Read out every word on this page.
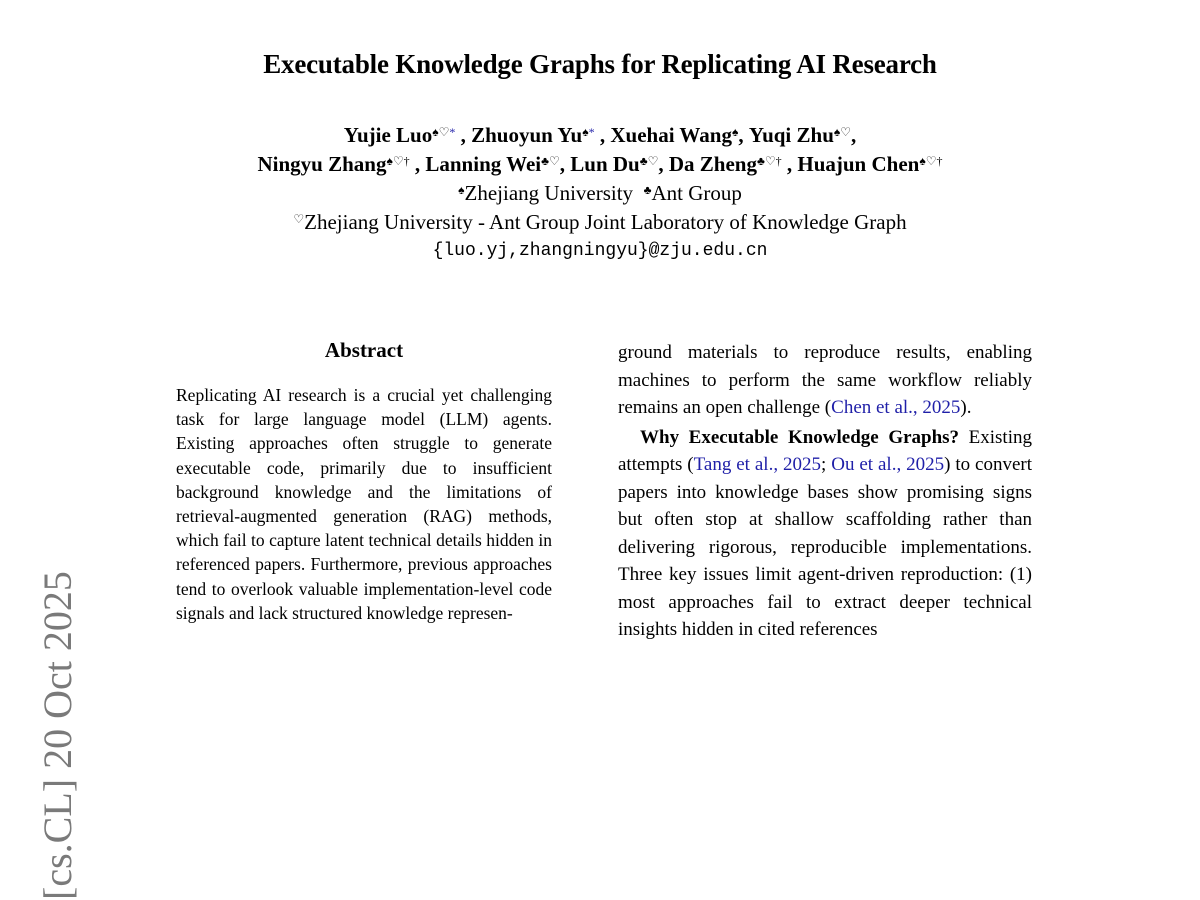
Executable Knowledge Graphs for Replicating AI Research
Yujie Luo♠♡* , Zhuoyun Yu♠* , Xuehai Wang♠, Yuqi Zhu♠♡,
Ningyu Zhang♠♡† , Lanning Wei♣♡, Lun Du♣♡, Da Zheng♣♡† , Huajun Chen♠♡†
♠Zhejiang University ♣Ant Group
♡Zhejiang University - Ant Group Joint Laboratory of Knowledge Graph
{luo.yj,zhangningyu}@zju.edu.cn
[cs.CL] 20 Oct 2025
Abstract
Replicating AI research is a crucial yet challenging task for large language model (LLM) agents. Existing approaches often struggle to generate executable code, primarily due to insufficient background knowledge and the limitations of retrieval-augmented generation (RAG) methods, which fail to capture latent technical details hidden in referenced papers. Furthermore, previous approaches tend to overlook valuable implementation-level code signals and lack structured knowledge represen-

ground materials to reproduce results, enabling machines to perform the same workflow reliably remains an open challenge (Chen et al., 2025).

Why Executable Knowledge Graphs? Existing attempts (Tang et al., 2025; Ou et al., 2025) to convert papers into knowledge bases show promising signs but often stop at shallow scaffolding rather than delivering rigorous, reproducible implementations. Three key issues limit agent-driven reproduction: (1) most approaches fail to extract deeper technical insights hidden in cited references
